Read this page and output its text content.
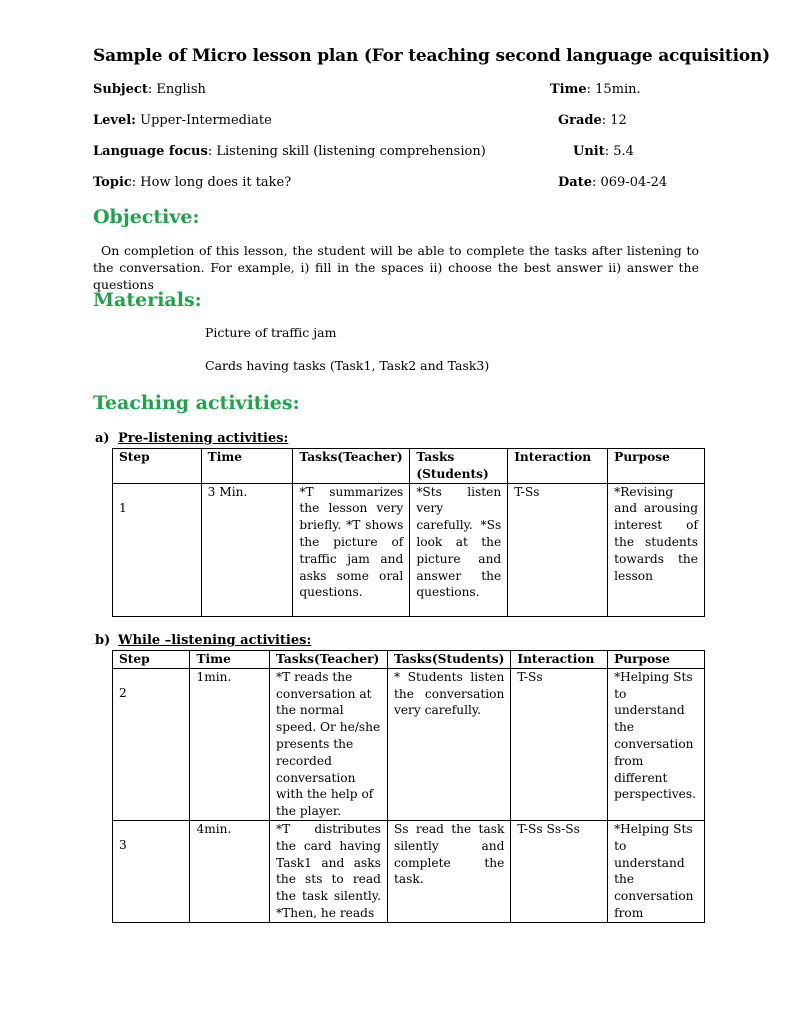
Sample of Micro lesson plan (For teaching second language acquisition)
Subject: English	Time: 15min.
Level: Upper-Intermediate	Grade: 12
Language focus: Listening skill (listening comprehension)	Unit: 5.4
Topic: How long does it take?	Date: 069-04-24
Objective:
On completion of this lesson, the student will be able to complete the tasks after listening to the conversation. For example, i) fill in the spaces ii) choose the best answer ii) answer the questions
Materials:
Picture of traffic jam
Cards having tasks (Task1, Task2 and Task3)
Teaching activities:
a) Pre-listening activities:
Step	Time	Tasks(Teacher)	Tasks (Students)	Interaction	Purpose
1	3 Min.	*T summarizes the lesson very briefly. *T shows the picture of traffic jam and asks some oral questions.	*Sts listen very carefully. *Ss look at the picture and answer the questions.	T-Ss	*Revising and arousing interest of the students towards the lesson
b) While –listening activities:
Step	Time	Tasks(Teacher)	Tasks(Students)	Interaction	Purpose
2	1min.	*T reads the conversation at the normal speed. Or he/she presents the recorded conversation with the help of the player.	* Students listen the conversation very carefully.	T-Ss	*Helping Sts to understand the conversation from different perspectives.
3	4min.	*T distributes the card having Task1 and asks the sts to read the task silently. *Then, he reads	Ss read the task silently and complete the task.	T-Ss Ss-Ss	*Helping Sts to understand the conversation from
